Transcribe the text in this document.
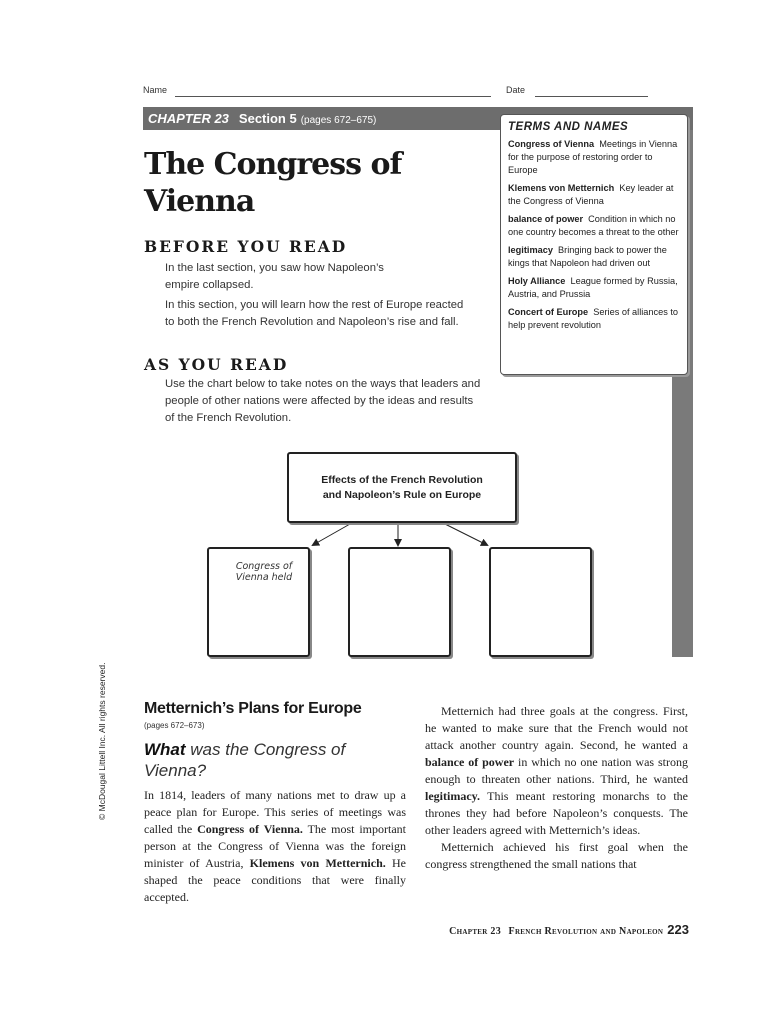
Name	Date
CHAPTER 23 Section 5 (pages 672–675)
TERMS AND NAMES
Congress of Vienna Meetings in Vienna for the purpose of restoring order to Europe
Klemens von Metternich Key leader at the Congress of Vienna
balance of power Condition in which no one country becomes a threat to the other
legitimacy Bringing back to power the kings that Napoleon had driven out
Holy Alliance League formed by Russia, Austria, and Prussia
Concert of Europe Series of alliances to help prevent revolution
The Congress of
Vienna
BEFORE YOU READ
In the last section, you saw how Napoleon’s empire collapsed.
In this section, you will learn how the rest of Europe reacted to both the French Revolution and Napoleon’s rise and fall.
AS YOU READ
Use the chart below to take notes on the ways that leaders and people of other nations were affected by the ideas and results of the French Revolution.
Effects of the French Revolution
and Napoleon’s Rule on Europe
Congress of
Vienna held
© McDougal Littell Inc. All rights reserved. Metternich’s Plans for Europe
(pages 672–673)
What was the Congress of Vienna?

In 1814, leaders of many nations met to draw up a peace plan for Europe. This series of meetings was called the Congress of Vienna. The most important person at the Congress of Vienna was the foreign minister of Austria, Klemens von Metternich. He shaped the peace conditions that were finally accepted.

Metternich had three goals at the congress. First, he wanted to make sure that the French would not attack another country again. Second, he wanted a balance of power in which no one nation was strong enough to threaten other nations. Third, he wanted legitimacy. This meant restoring monarchs to the thrones they had before Napoleon’s conquests. The other leaders agreed with Metternich’s ideas.

Metternich achieved his first goal when the congress strengthened the small nations that

Chapter 23 French Revolution and Napoleon 223
